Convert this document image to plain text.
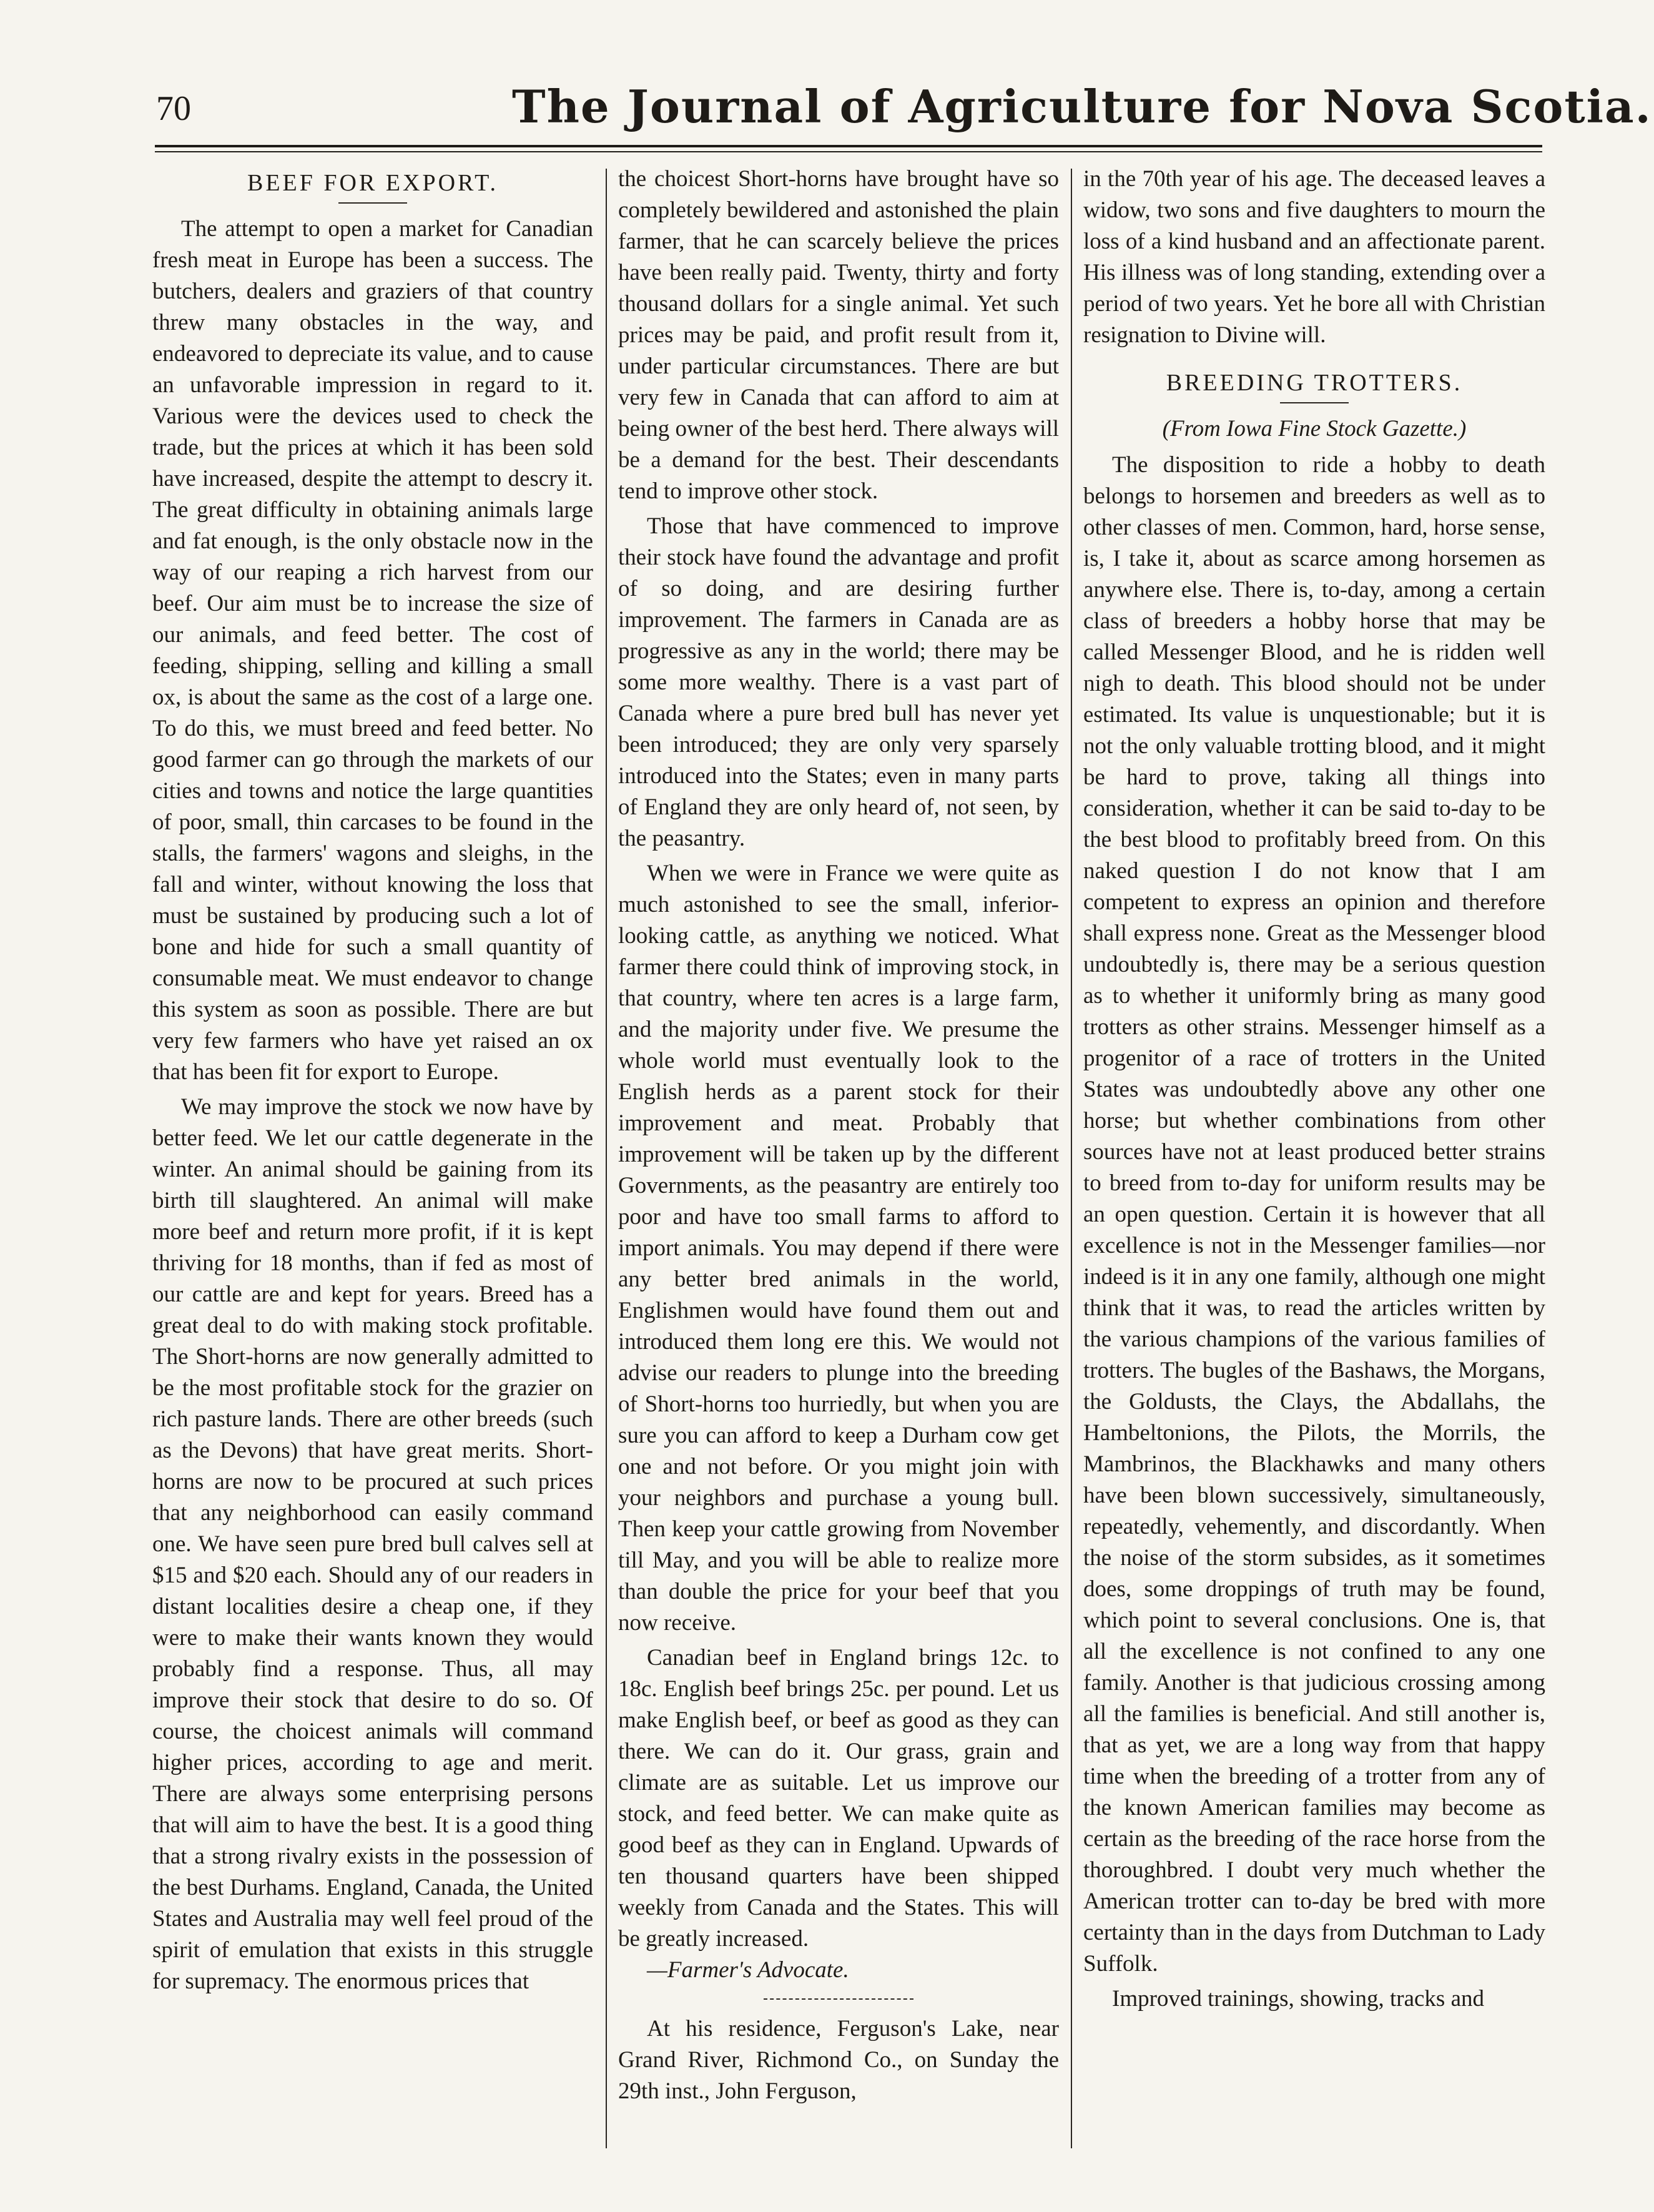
70	The Journal of Agriculture for Nova Scotia.
BEEF FOR EXPORT.

The attempt to open a market for Canadian fresh meat in Europe has been a success. The butchers, dealers and graziers of that country threw many obstacles in the way, and endeavored to depreciate its value, and to cause an unfavorable impression in regard to it. Various were the devices used to check the trade, but the prices at which it has been sold have increased, despite the attempt to descry it. The great difficulty in obtaining animals large and fat enough, is the only obstacle now in the way of our reaping a rich harvest from our beef. Our aim must be to increase the size of our animals, and feed better. The cost of feeding, shipping, selling and killing a small ox, is about the same as the cost of a large one. To do this, we must breed and feed better. No good farmer can go through the markets of our cities and towns and notice the large quantities of poor, small, thin carcases to be found in the stalls, the farmers' wagons and sleighs, in the fall and winter, without knowing the loss that must be sustained by producing such a lot of bone and hide for such a small quantity of consumable meat. We must endeavor to change this system as soon as possible. There are but very few farmers who have yet raised an ox that has been fit for export to Europe.

We may improve the stock we now have by better feed. We let our cattle degenerate in the winter. An animal should be gaining from its birth till slaughtered. An animal will make more beef and return more profit, if it is kept thriving for 18 months, than if fed as most of our cattle are and kept for years. Breed has a great deal to do with making stock profitable. The Short-horns are now generally admitted to be the most profitable stock for the grazier on rich pasture lands. There are other breeds (such as the Devons) that have great merits. Short-horns are now to be procured at such prices that any neighborhood can easily command one. We have seen pure bred bull calves sell at $15 and $20 each. Should any of our readers in distant localities desire a cheap one, if they were to make their wants known they would probably find a response. Thus, all may improve their stock that desire to do so. Of course, the choicest animals will command higher prices, according to age and merit. There are always some enterprising persons that will aim to have the best. It is a good thing that a strong rivalry exists in the possession of the best Durhams. England, Canada, the United States and Australia may well feel proud of the spirit of emulation that exists in this struggle for supremacy. The enormous prices that

the choicest Short-horns have brought have so completely bewildered and astonished the plain farmer, that he can scarcely believe the prices have been really paid. Twenty, thirty and forty thousand dollars for a single animal. Yet such prices may be paid, and profit result from it, under particular circumstances. There are but very few in Canada that can afford to aim at being owner of the best herd. There always will be a demand for the best. Their descendants tend to improve other stock.

Those that have commenced to improve their stock have found the advantage and profit of so doing, and are desiring further improvement. The farmers in Canada are as progressive as any in the world; there may be some more wealthy. There is a vast part of Canada where a pure bred bull has never yet been introduced; they are only very sparsely introduced into the States; even in many parts of England they are only heard of, not seen, by the peasantry.

When we were in France we were quite as much astonished to see the small, inferior-looking cattle, as anything we noticed. What farmer there could think of improving stock, in that country, where ten acres is a large farm, and the majority under five. We presume the whole world must eventually look to the English herds as a parent stock for their improvement and meat. Probably that improvement will be taken up by the different Governments, as the peasantry are entirely too poor and have too small farms to afford to import animals. You may depend if there were any better bred animals in the world, Englishmen would have found them out and introduced them long ere this. We would not advise our readers to plunge into the breeding of Short-horns too hurriedly, but when you are sure you can afford to keep a Durham cow get one and not before. Or you might join with your neighbors and purchase a young bull. Then keep your cattle growing from November till May, and you will be able to realize more than double the price for your beef that you now receive.

Canadian beef in England brings 12c. to 18c. English beef brings 25c. per pound. Let us make English beef, or beef as good as they can there. We can do it. Our grass, grain and climate are as suitable. Let us improve our stock, and feed better. We can make quite as good beef as they can in England. Upwards of ten thousand quarters have been shipped weekly from Canada and the States. This will be greatly increased.

—Farmer's Advocate.

At his residence, Ferguson's Lake, near Grand River, Richmond Co., on Sunday the 29th inst., John Ferguson,

in the 70th year of his age. The deceased leaves a widow, two sons and five daughters to mourn the loss of a kind husband and an affectionate parent. His illness was of long standing, extending over a period of two years. Yet he bore all with Christian resignation to Divine will.

BREEDING TROTTERS.

(From Iowa Fine Stock Gazette.)

The disposition to ride a hobby to death belongs to horsemen and breeders as well as to other classes of men. Common, hard, horse sense, is, I take it, about as scarce among horsemen as anywhere else. There is, to-day, among a certain class of breeders a hobby horse that may be called Messenger Blood, and he is ridden well nigh to death. This blood should not be under estimated. Its value is unquestionable; but it is not the only valuable trotting blood, and it might be hard to prove, taking all things into consideration, whether it can be said to-day to be the best blood to profitably breed from. On this naked question I do not know that I am competent to express an opinion and therefore shall express none. Great as the Messenger blood undoubtedly is, there may be a serious question as to whether it uniformly bring as many good trotters as other strains. Messenger himself as a progenitor of a race of trotters in the United States was undoubtedly above any other one horse; but whether combinations from other sources have not at least produced better strains to breed from to-day for uniform results may be an open question. Certain it is however that all excellence is not in the Messenger families—nor indeed is it in any one family, although one might think that it was, to read the articles written by the various champions of the various families of trotters. The bugles of the Bashaws, the Morgans, the Goldusts, the Clays, the Abdallahs, the Hambeltonions, the Pilots, the Morrils, the Mambrinos, the Blackhawks and many others have been blown successively, simultaneously, repeatedly, vehemently, and discordantly. When the noise of the storm subsides, as it sometimes does, some droppings of truth may be found, which point to several conclusions. One is, that all the excellence is not confined to any one family. Another is that judicious crossing among all the families is beneficial. And still another is, that as yet, we are a long way from that happy time when the breeding of a trotter from any of the known American families may become as certain as the breeding of the race horse from the thoroughbred. I doubt very much whether the American trotter can to-day be bred with more certainty than in the days from Dutchman to Lady Suffolk.

Improved trainings, showing, tracks and
